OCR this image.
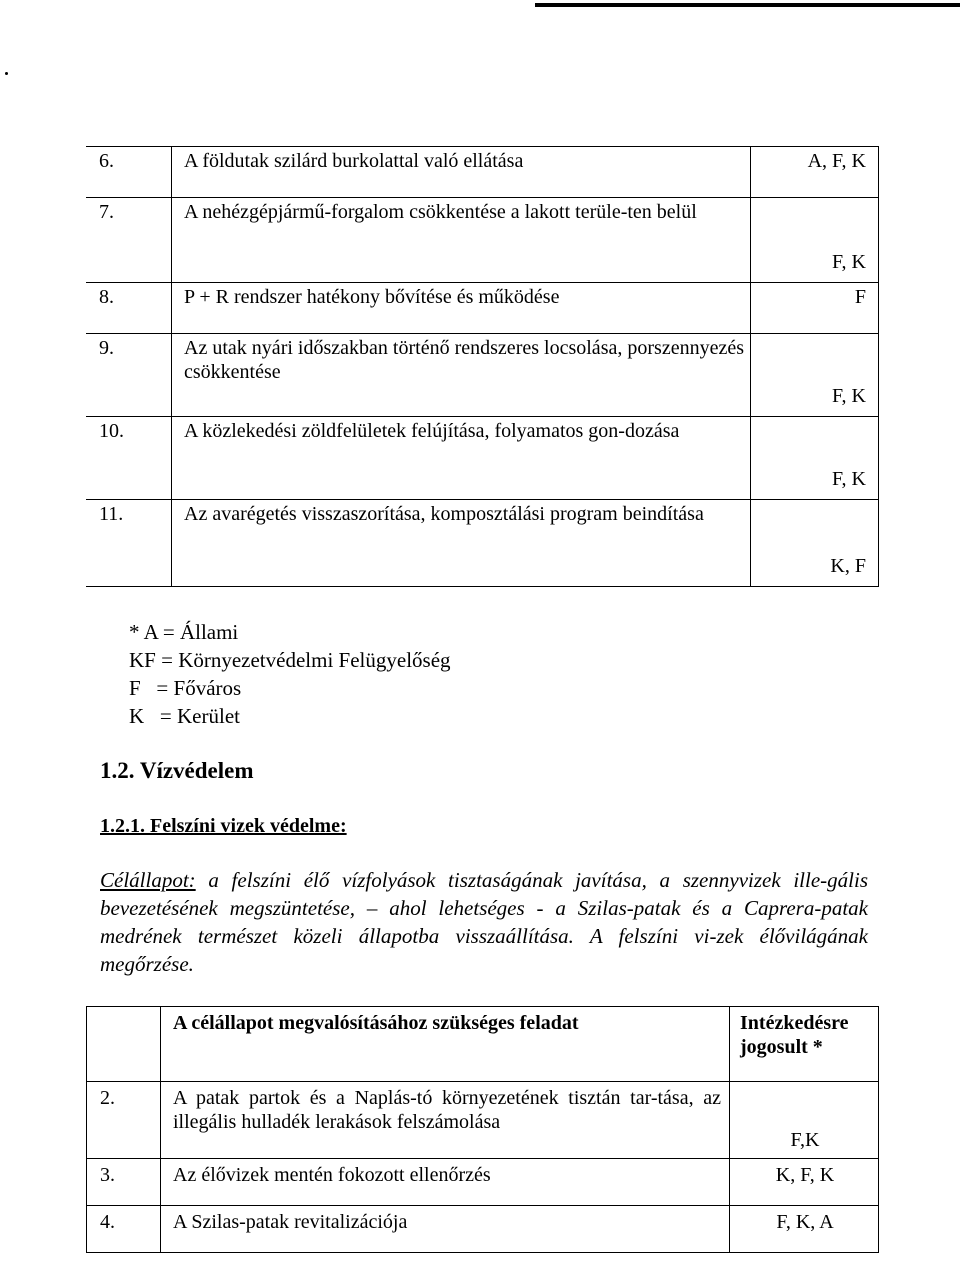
6.	A földutak szilárd burkolattal való ellátása	A, F, K
7.	A nehézgépjármű-forgalom csökkentése a lakott terüle-ten belül	F, K
8.	P + R rendszer hatékony bővítése és működése	F
9.	Az utak nyári időszakban történő rendszeres locsolása, porszennyezés csökkentése	F, K
10.	A közlekedési zöldfelületek felújítása, folyamatos gon-dozása	F, K
11.	Az avarégetés visszaszorítása, komposztálási program beindítása	K, F
* A = Állami
KF = Környezetvédelmi Felügyelőség
F   = Főváros
K   = Kerület
1.2. Vízvédelem
1.2.1. Felszíni vizek védelme:
Célállapot: a felszíni élő vízfolyások tisztaságának javítása, a szennyvizek ille-gális bevezetésének megszüntetése, – ahol lehetséges - a Szilas-patak és a Caprera-patak medrének természet közeli állapotba visszaállítása. A felszíni vi-zek élővilágának megőrzése.
	A célállapot megvalósításához szükséges feladat	Intézkedésre jogosult *
2.	A patak partok és a Naplás-tó környezetének tisztán tar-tása, az illegális hulladék lerakások felszámolása	F,K
3.	Az élővizek mentén fokozott ellenőrzés	K, F, K
4.	A Szilas-patak revitalizációja	F, K, A
